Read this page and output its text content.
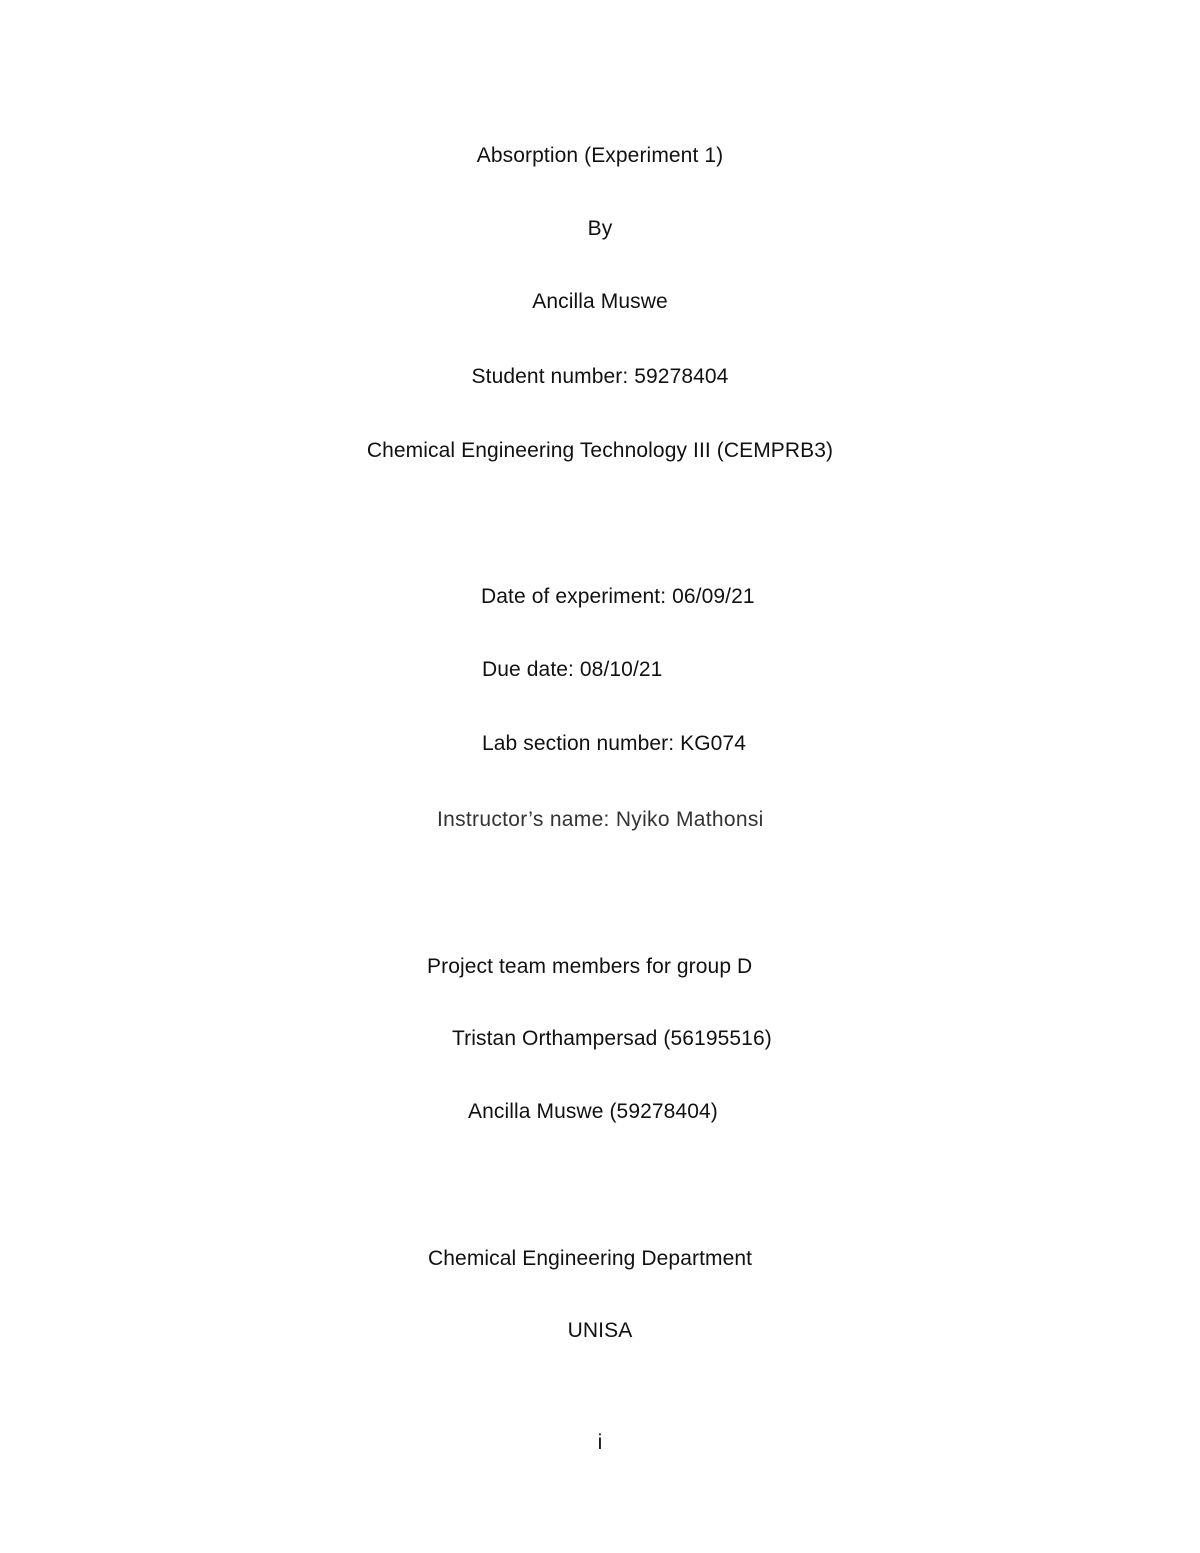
Absorption (Experiment 1)
By
Ancilla Muswe
Student number: 59278404
Chemical Engineering Technology III (CEMPRB3)
Date of experiment: 06/09/21
Due date: 08/10/21
Lab section number: KG074
Instructor’s name: Nyiko Mathonsi
Project team members for group D
Tristan Orthampersad (56195516)
Ancilla Muswe (59278404)
Chemical Engineering Department
UNISA
i
